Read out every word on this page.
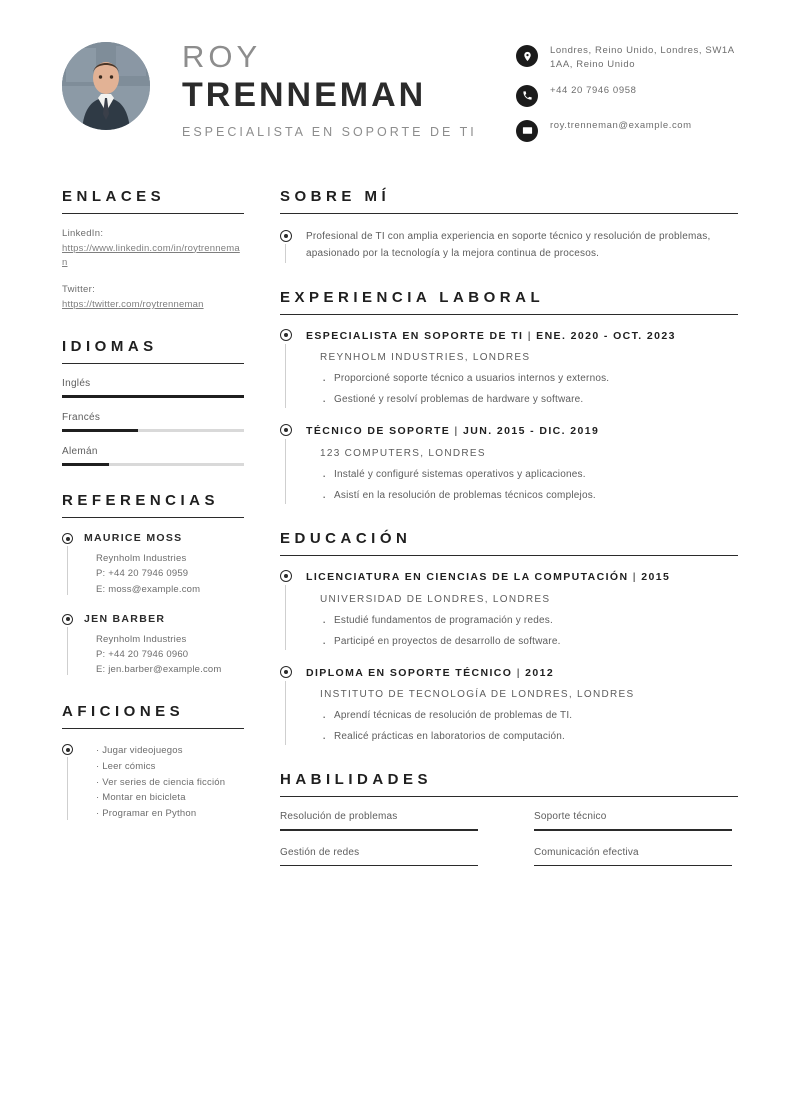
ROY
TRENNEMAN
ESPECIALISTA EN SOPORTE DE TI
Londres, Reino Unido, Londres, SW1A 1AA, Reino Unido
+44 20 7946 0958
roy.trenneman@example.com
ENLACES
LinkedIn:
https://www.linkedin.com/in/roytrenneman
Twitter:
https://twitter.com/roytrenneman
IDIOMAS
Inglés
Francés
Alemán
REFERENCIAS
MAURICE MOSS
Reynholm Industries
P: +44 20 7946 0959
E: moss@example.com
JEN BARBER
Reynholm Industries
P: +44 20 7946 0960
E: jen.barber@example.com
AFICIONES
· Jugar videojuegos
· Leer cómics
· Ver series de ciencia ficción
· Montar en bicicleta
· Programar en Python
SOBRE MÍ
Profesional de TI con amplia experiencia en soporte técnico y resolución de problemas, apasionado por la tecnología y la mejora continua de procesos.
EXPERIENCIA LABORAL
ESPECIALISTA EN SOPORTE DE TI | ENE. 2020 - OCT. 2023
REYNHOLM INDUSTRIES, LONDRES
· Proporcioné soporte técnico a usuarios internos y externos.
· Gestioné y resolví problemas de hardware y software.
TÉCNICO DE SOPORTE | JUN. 2015 - DIC. 2019
123 COMPUTERS, LONDRES
· Instalé y configuré sistemas operativos y aplicaciones.
· Asistí en la resolución de problemas técnicos complejos.
EDUCACIÓN
LICENCIATURA EN CIENCIAS DE LA COMPUTACIÓN | 2015
UNIVERSIDAD DE LONDRES, LONDRES
· Estudié fundamentos de programación y redes.
· Participé en proyectos de desarrollo de software.
DIPLOMA EN SOPORTE TÉCNICO | 2012
INSTITUTO DE TECNOLOGÍA DE LONDRES, LONDRES
· Aprendí técnicas de resolución de problemas de TI.
· Realicé prácticas en laboratorios de computación.
HABILIDADES
Resolución de problemas	Soporte técnico
Gestión de redes	Comunicación efectiva
